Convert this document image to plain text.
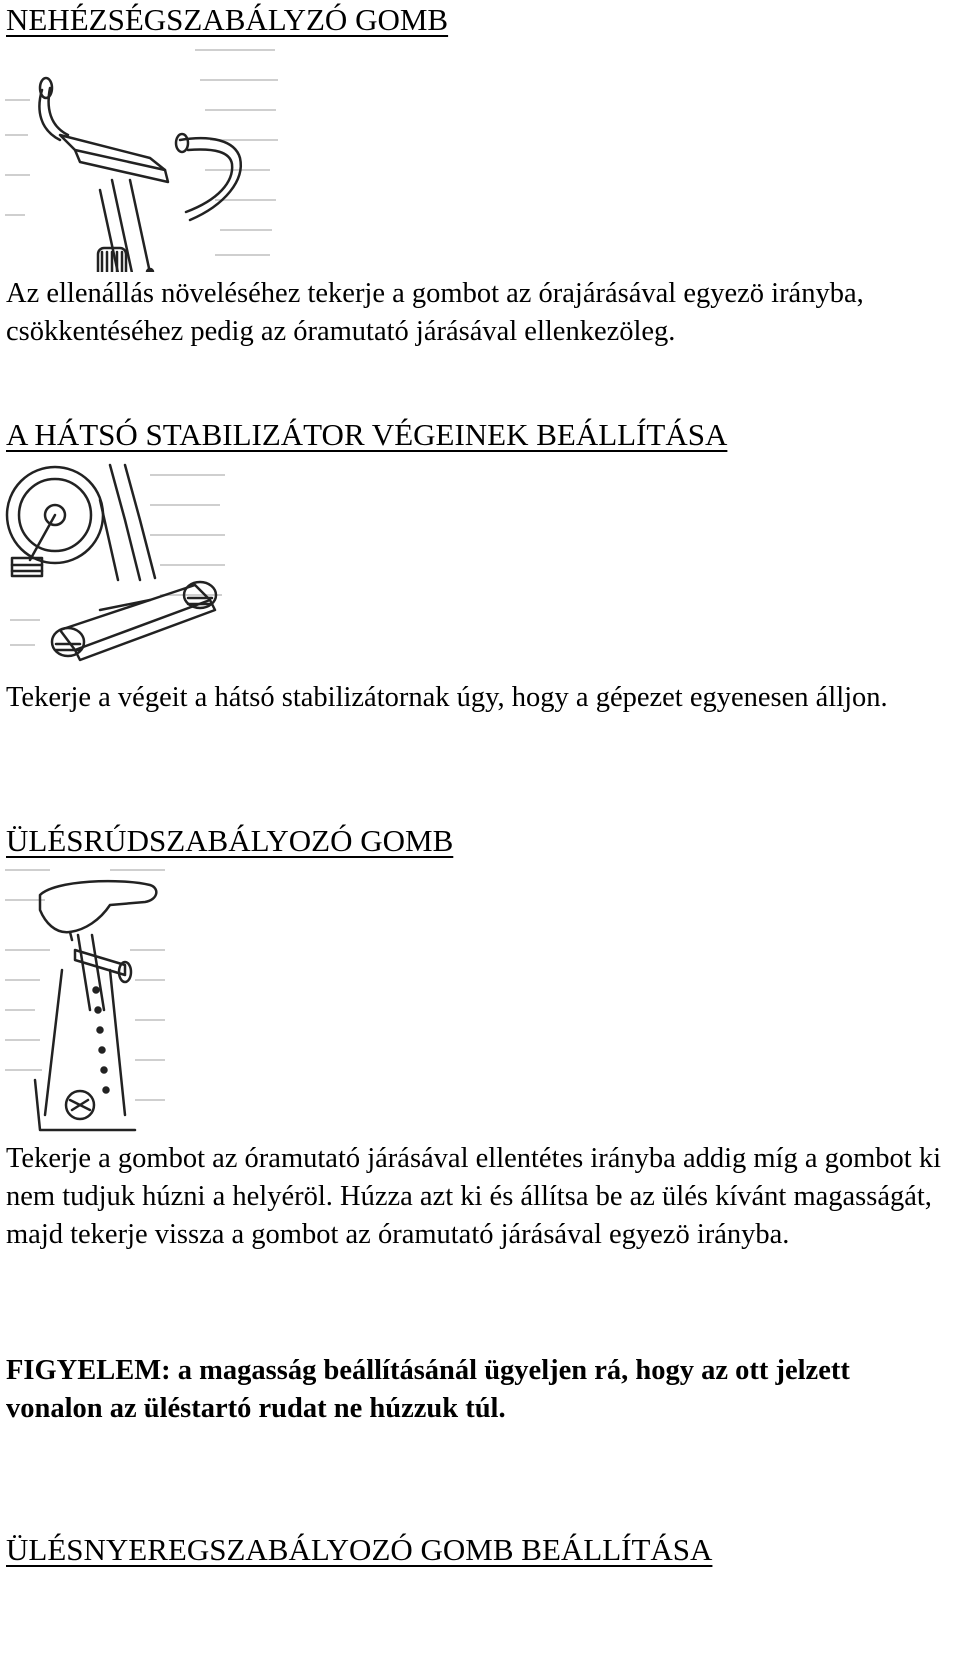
NEHÉZSÉGSZABÁLYZÓ GOMB

Az ellenállás növeléséhez tekerje a gombot az órajárásával egyezö irányba, csökkentéséhez pedig az óramutató járásával ellenkezöleg.

A HÁTSÓ STABILIZÁTOR VÉGEINEK BEÁLLÍTÁSA

Tekerje a végeit a hátsó stabilizátornak úgy, hogy a gépezet egyenesen álljon.

ÜLÉSRÚDSZABÁLYOZÓ GOMB

Tekerje a gombot az óramutató járásával ellentétes irányba addig míg a gombot ki nem tudjuk húzni a helyéröl. Húzza azt ki és állítsa be az ülés kívánt magasságát, majd tekerje vissza a gombot az óramutató járásával egyezö irányba.

FIGYELEM: a magasság beállításánál ügyeljen rá, hogy az ott jelzett vonalon az üléstartó rudat ne húzzuk túl.

ÜLÉSNYEREGSZABÁLYOZÓ GOMB BEÁLLÍTÁSA
